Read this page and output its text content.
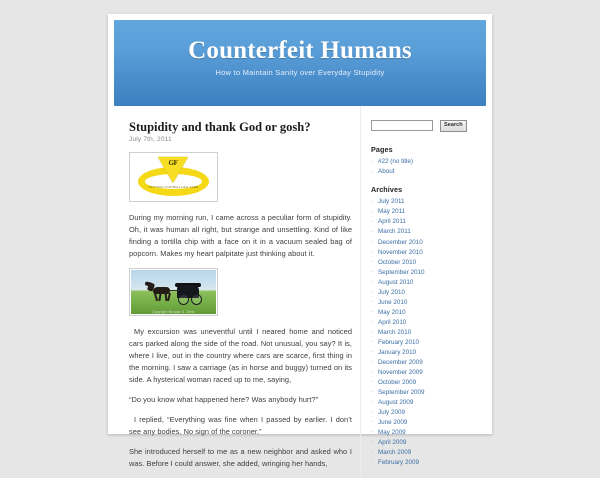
Counterfeit Humans
How to Maintain Sanity over Everyday Stupidity
Stupidity and thank God or gosh?
July 7th, 2011
GF
NATIONAL FOOTBALL HALL FAME

During my morning run, I came across a peculiar form of stupidity. Oh, it was human all right, but strange and unsettling. Kind of like finding a tortilla chip with a face on it in a vacuum sealed bag of popcorn. Makes my heart palpitate just thinking about it.

Copyright Morgan G. Dietz

My excursion was uneventful until I neared home and noticed cars parked along the side of the road. Not unusual, you say? It is, where I live, out in the country where cars are scarce, first thing in the morning. I saw a carriage (as in horse and buggy) turned on its side. A hysterical woman raced up to me, saying,

“Do you know what happened here? Was anybody hurt?”

I replied, “Everything was fine when I passed by earlier. I don’t see any bodies. No sign of the coroner.”

She introduced herself to me as a new neighbor and asked who I was. Before I could answer, she added, wringing her hands,

Search
Pages
· #22 (no title)
· About
Archives
· July 2011
· May 2011
· April 2011
· March 2011
· December 2010
· November 2010
· October 2010
· September 2010
· August 2010
· July 2010
· June 2010
· May 2010
· April 2010
· March 2010
· February 2010
· January 2010
· December 2009
· November 2009
· October 2009
· September 2009
· August 2009
· July 2009
· June 2009
· May 2009
· April 2009
· March 2009
· February 2009
